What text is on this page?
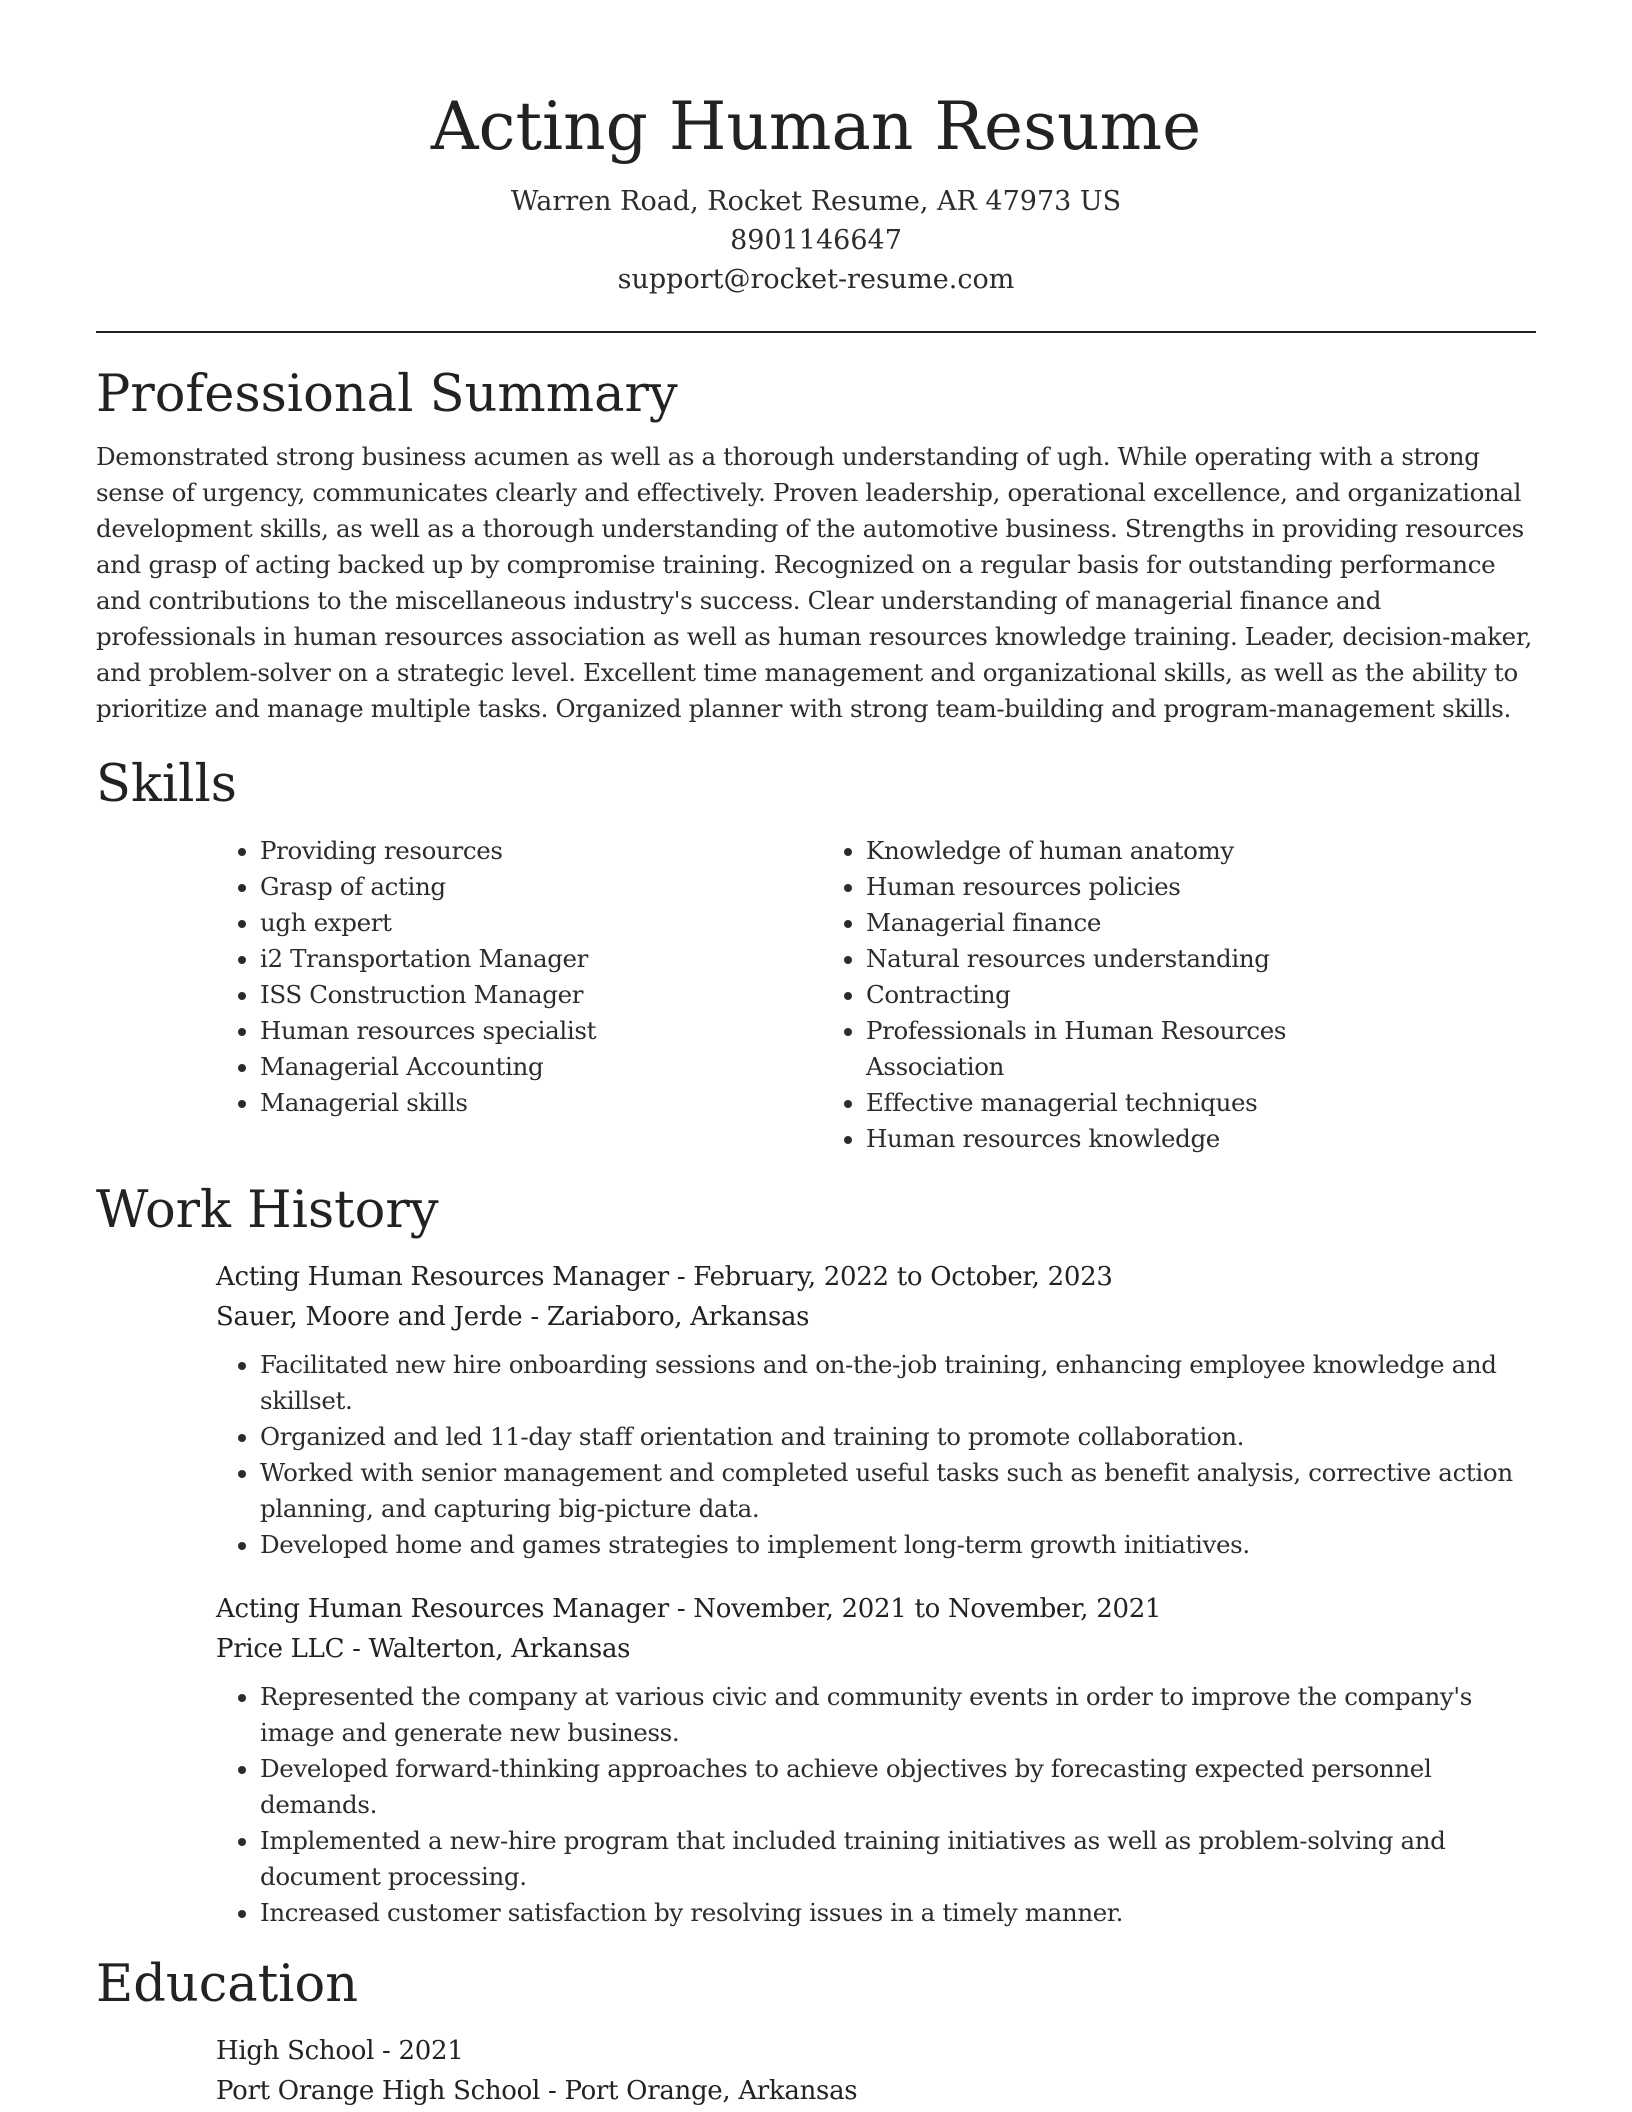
Acting Human Resume
Warren Road, Rocket Resume, AR 47973 US
8901146647
support@rocket-resume.com
Professional Summary

Demonstrated strong business acumen as well as a thorough understanding of ugh. While operating with a strong sense of urgency, communicates clearly and effectively. Proven leadership, operational excellence, and organizational development skills, as well as a thorough understanding of the automotive business. Strengths in providing resources and grasp of acting backed up by compromise training. Recognized on a regular basis for outstanding performance and contributions to the miscellaneous industry's success. Clear understanding of managerial finance and professionals in human resources association as well as human resources knowledge training. Leader, decision-maker, and problem-solver on a strategic level. Excellent time management and organizational skills, as well as the ability to prioritize and manage multiple tasks. Organized planner with strong team-building and program-management skills.

Skills
• Providing resources
• Grasp of acting
• ugh expert
• i2 Transportation Manager
• ISS Construction Manager
• Human resources specialist
• Managerial Accounting
• Managerial skills
• Knowledge of human anatomy
• Human resources policies
• Managerial finance
• Natural resources understanding
• Contracting
• Professionals in Human Resources Association
• Effective managerial techniques
• Human resources knowledge
Work History
Acting Human Resources Manager - February, 2022 to October, 2023
Sauer, Moore and Jerde - Zariaboro, Arkansas
• Facilitated new hire onboarding sessions and on-the-job training, enhancing employee knowledge and skillset.
• Organized and led 11-day staff orientation and training to promote collaboration.
• Worked with senior management and completed useful tasks such as benefit analysis, corrective action planning, and capturing big-picture data.
• Developed home and games strategies to implement long-term growth initiatives.
Acting Human Resources Manager - November, 2021 to November, 2021
Price LLC - Walterton, Arkansas
• Represented the company at various civic and community events in order to improve the company's image and generate new business.
• Developed forward-thinking approaches to achieve objectives by forecasting expected personnel demands.
• Implemented a new-hire program that included training initiatives as well as problem-solving and document processing.
• Increased customer satisfaction by resolving issues in a timely manner.
Education
High School - 2021
Port Orange High School - Port Orange, Arkansas
